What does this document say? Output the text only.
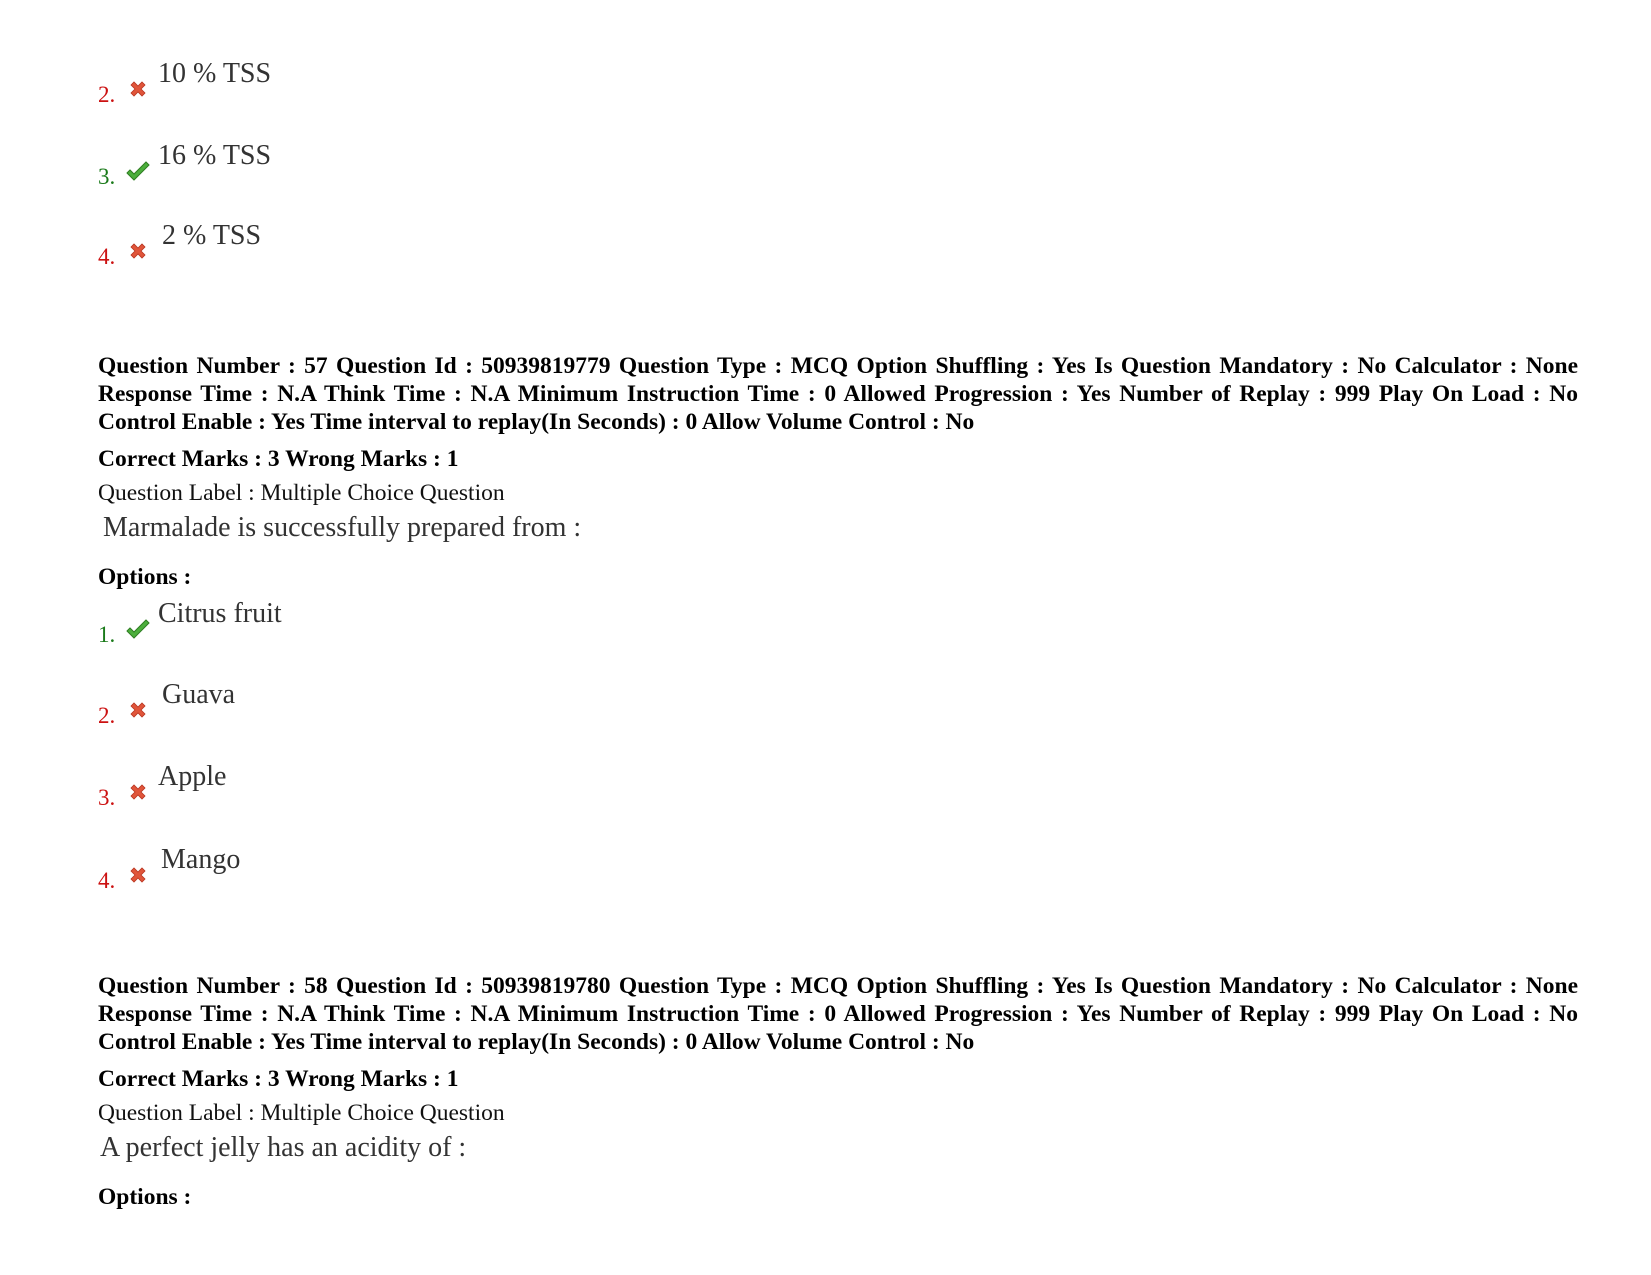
2.
10 % TSS
3.
16 % TSS
4.
2 % TSS
Question Number : 57 Question Id : 50939819779 Question Type : MCQ Option Shuffling : Yes Is Question Mandatory : No Calculator : None Response Time : N.A Think Time : N.A Minimum Instruction Time : 0 Allowed Progression : Yes Number of Replay : 999 Play On Load : No Control Enable : Yes Time interval to replay(In Seconds) : 0 Allow Volume Control : No
Correct Marks : 3 Wrong Marks : 1
Question Label : Multiple Choice Question
Marmalade is successfully prepared from :
Options :
1.
Citrus fruit
2.
Guava
3.
Apple
4.
Mango
Question Number : 58 Question Id : 50939819780 Question Type : MCQ Option Shuffling : Yes Is Question Mandatory : No Calculator : None Response Time : N.A Think Time : N.A Minimum Instruction Time : 0 Allowed Progression : Yes Number of Replay : 999 Play On Load : No Control Enable : Yes Time interval to replay(In Seconds) : 0 Allow Volume Control : No
Correct Marks : 3 Wrong Marks : 1
Question Label : Multiple Choice Question
A perfect jelly has an acidity of :
Options :
